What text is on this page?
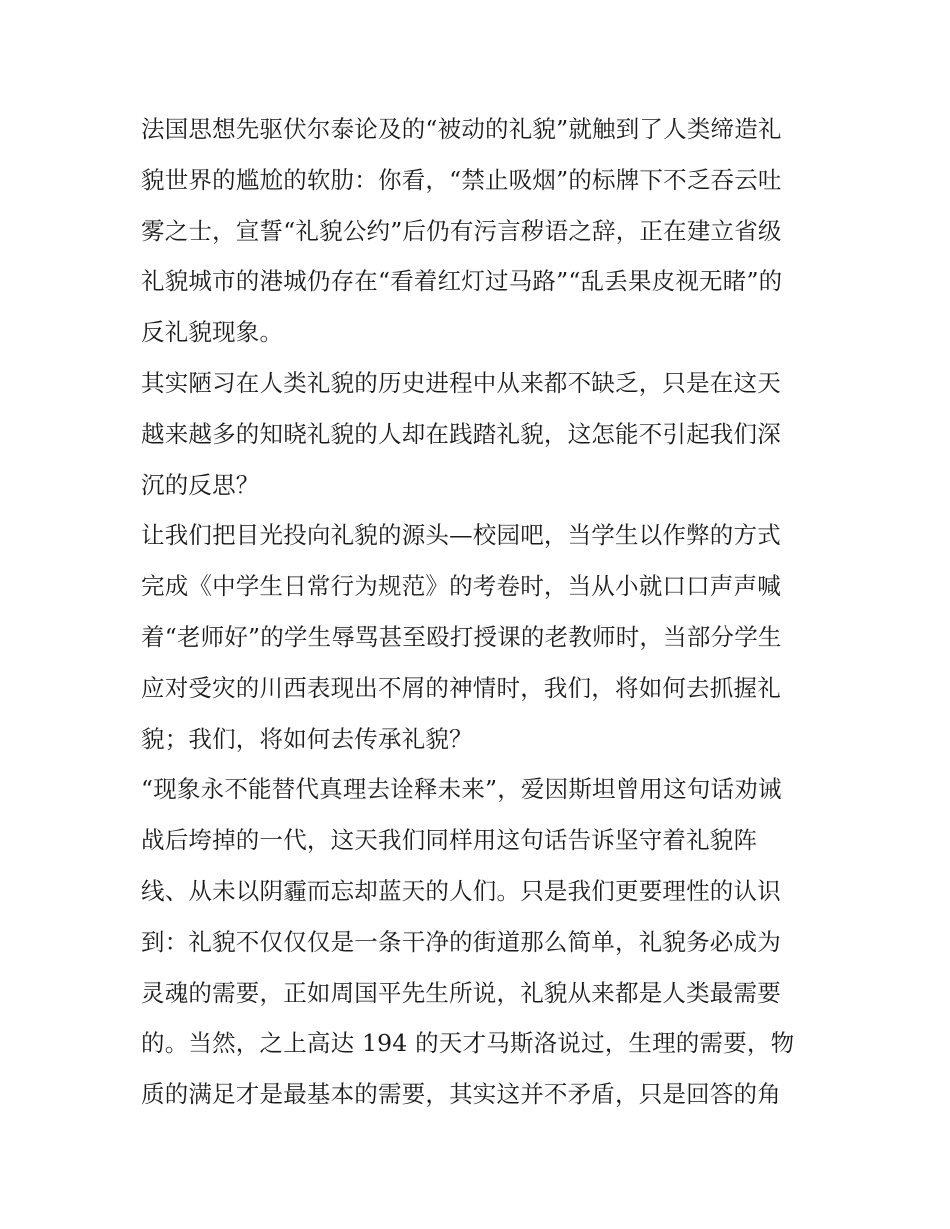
法国思想先驱伏尔泰论及的“被动的礼貌”就触到了人类缔造礼
貌世界的尴尬的软肋：你看，“禁止吸烟”的标牌下不乏吞云吐
雾之士，宣誓“礼貌公约”后仍有污言秽语之辞，正在建立省级
礼貌城市的港城仍存在“看着红灯过马路”“乱丢果皮视无睹”的
反礼貌现象。
其实陋习在人类礼貌的历史进程中从来都不缺乏，只是在这天
越来越多的知晓礼貌的人却在践踏礼貌，这怎能不引起我们深
沉的反思？
让我们把目光投向礼貌的源头—校园吧，当学生以作弊的方式
完成《中学生日常行为规范》的考卷时，当从小就口口声声喊
着“老师好”的学生辱骂甚至殴打授课的老教师时，当部分学生
应对受灾的川西表现出不屑的神情时，我们，将如何去抓握礼
貌；我们，将如何去传承礼貌？
“现象永不能替代真理去诠释未来”，爱因斯坦曾用这句话劝诫
战后垮掉的一代，这天我们同样用这句话告诉坚守着礼貌阵
线、从未以阴霾而忘却蓝天的人们。只是我们更要理性的认识
到：礼貌不仅仅仅是一条干净的街道那么简单，礼貌务必成为
灵魂的需要，正如周国平先生所说，礼貌从来都是人类最需要
的。当然，之上高达 194 的天才马斯洛说过，生理的需要，物
质的满足才是最基本的需要，其实这并不矛盾，只是回答的角
